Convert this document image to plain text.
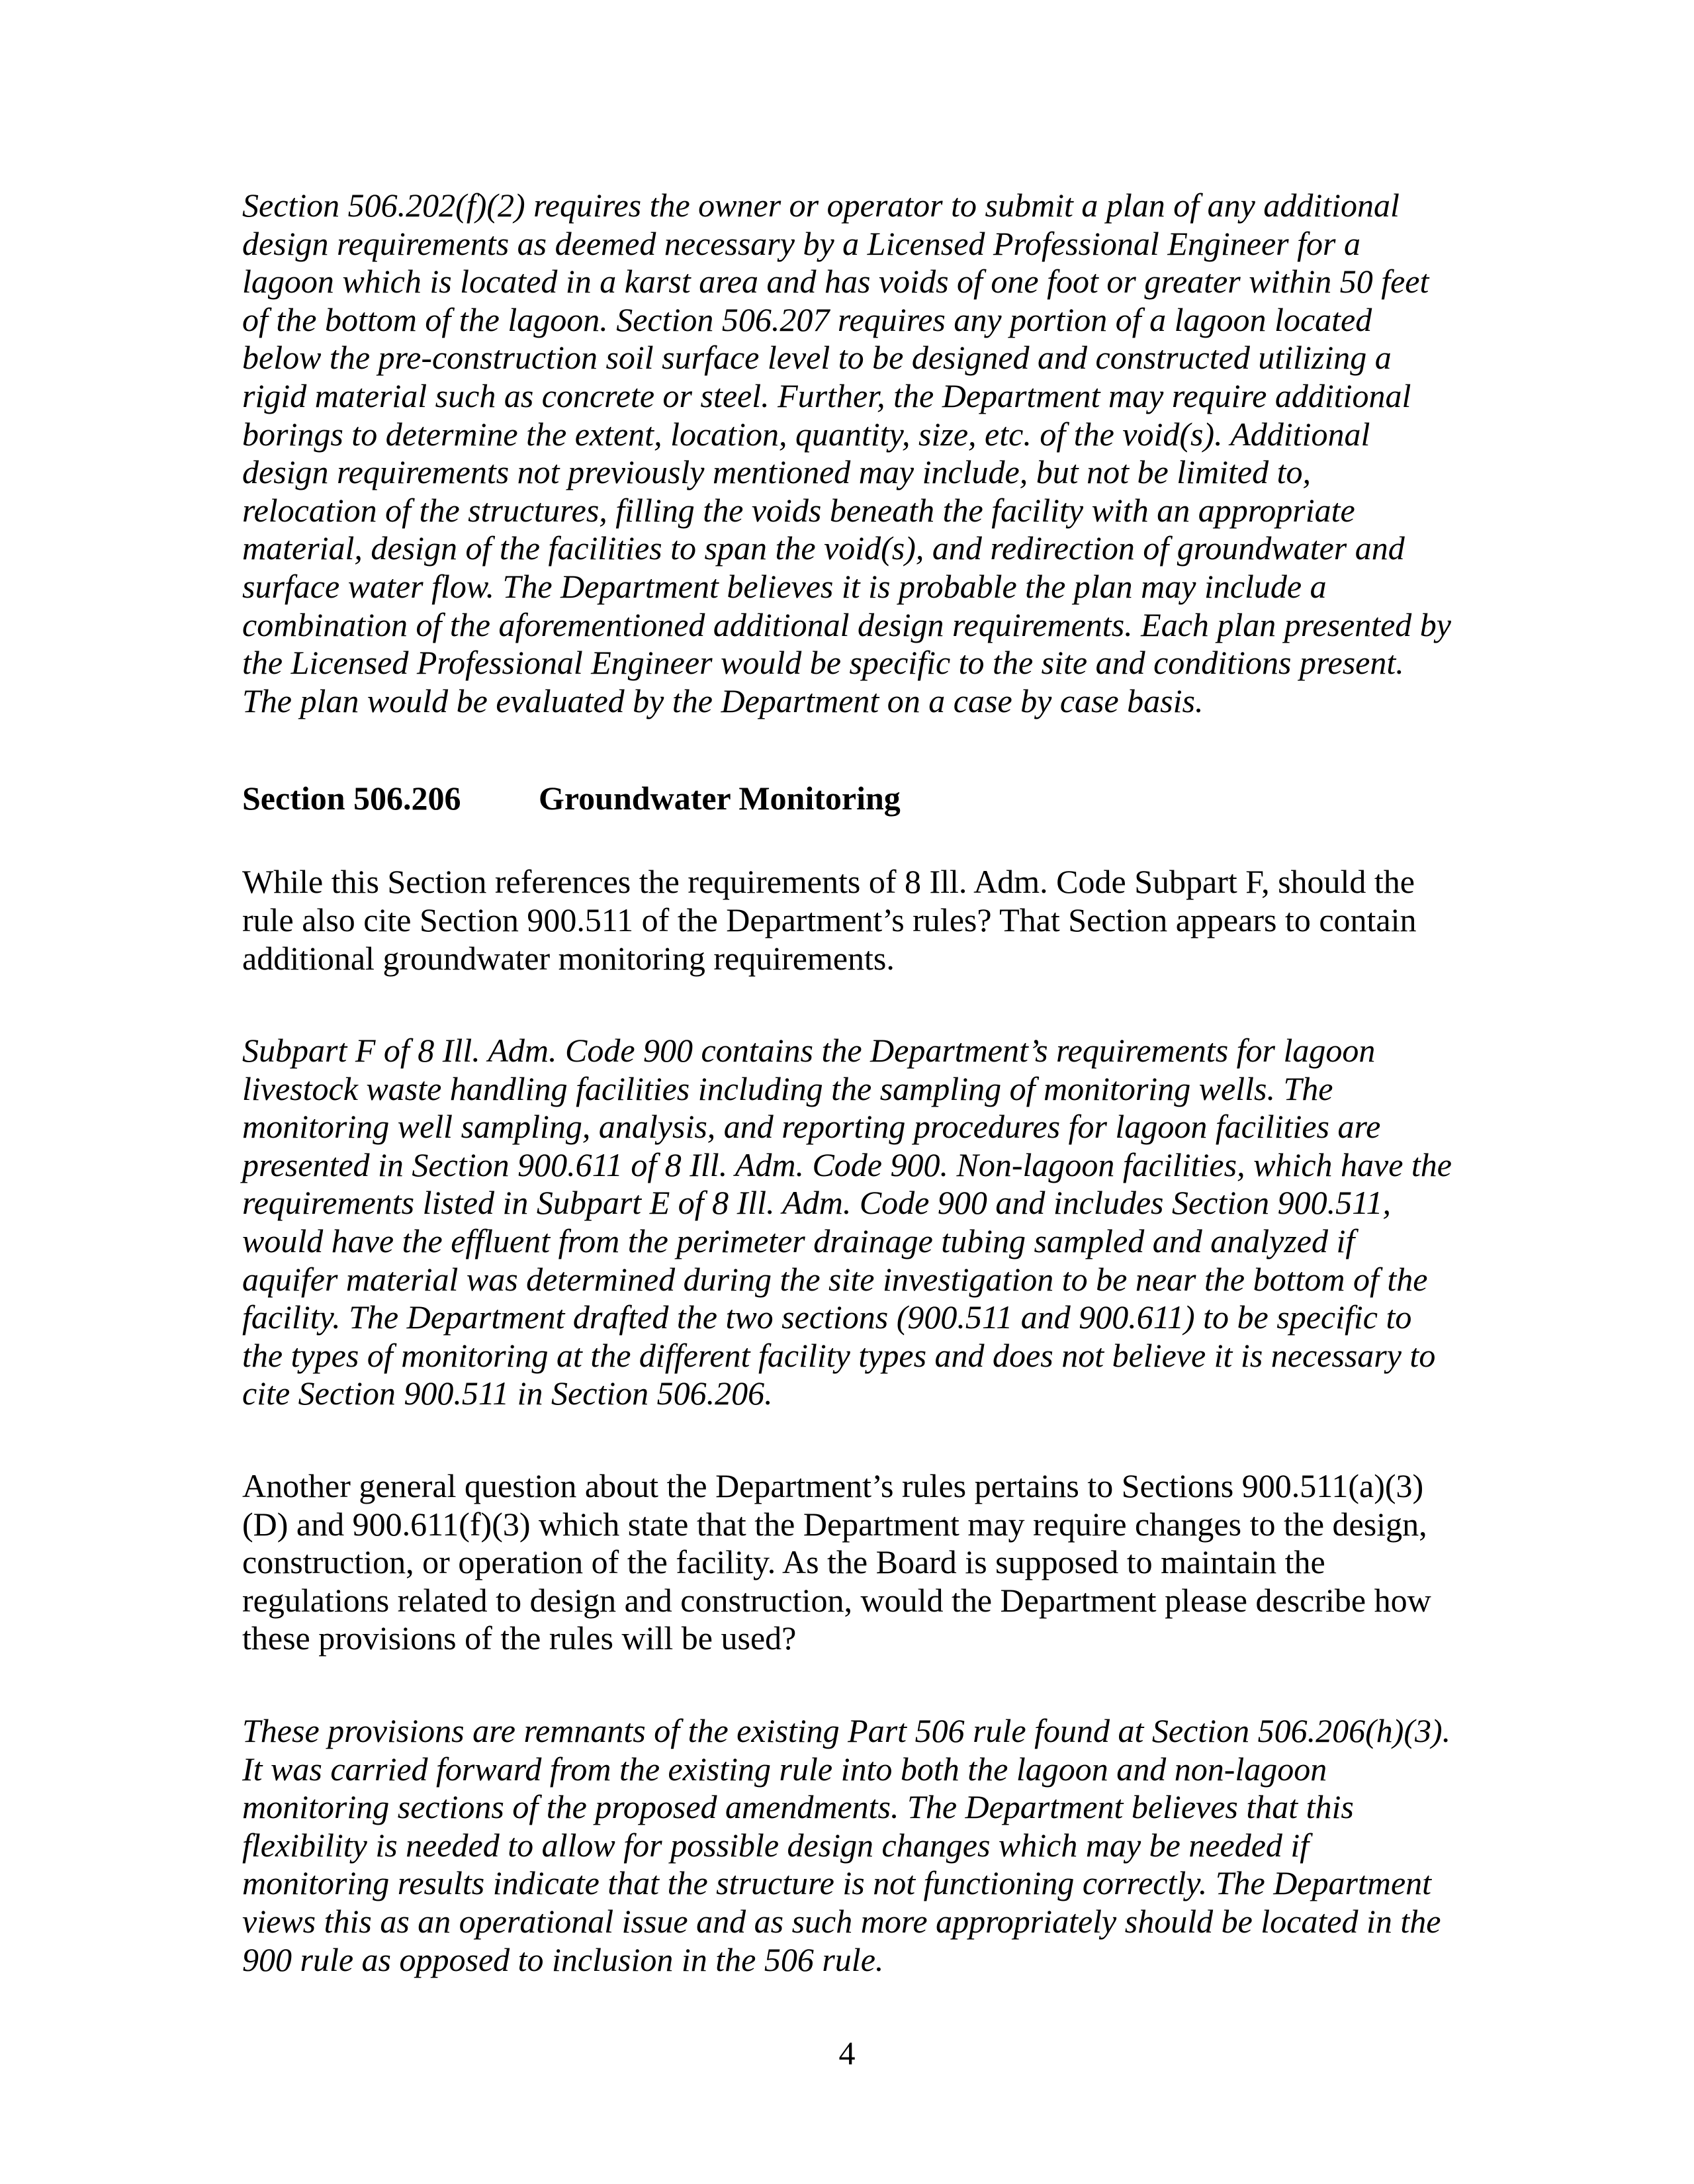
Section 506.202(f)(2) requires the owner or operator to submit a plan of any additional design requirements as deemed necessary by a Licensed Professional Engineer for a lagoon which is located in a karst area and has voids of one foot or greater within 50 feet of the bottom of the lagoon. Section 506.207 requires any portion of a lagoon located below the pre-construction soil surface level to be designed and constructed utilizing a rigid material such as concrete or steel. Further, the Department may require additional borings to determine the extent, location, quantity, size, etc. of the void(s). Additional design requirements not previously mentioned may include, but not be limited to, relocation of the structures, filling the voids beneath the facility with an appropriate material, design of the facilities to span the void(s), and redirection of groundwater and surface water flow. The Department believes it is probable the plan may include a combination of the aforementioned additional design requirements. Each plan presented by the Licensed Professional Engineer would be specific to the site and conditions present. The plan would be evaluated by the Department on a case by case basis.

Section 506.206	Groundwater Monitoring

While this Section references the requirements of 8 Ill. Adm. Code Subpart F, should the rule also cite Section 900.511 of the Department’s rules? That Section appears to contain additional groundwater monitoring requirements.

Subpart F of 8 Ill. Adm. Code 900 contains the Department’s requirements for lagoon livestock waste handling facilities including the sampling of monitoring wells. The monitoring well sampling, analysis, and reporting procedures for lagoon facilities are presented in Section 900.611 of 8 Ill. Adm. Code 900. Non-lagoon facilities, which have the requirements listed in Subpart E of 8 Ill. Adm. Code 900 and includes Section 900.511, would have the effluent from the perimeter drainage tubing sampled and analyzed if aquifer material was determined during the site investigation to be near the bottom of the facility. The Department drafted the two sections (900.511 and 900.611) to be specific to the types of monitoring at the different facility types and does not believe it is necessary to cite Section 900.511 in Section 506.206.

Another general question about the Department’s rules pertains to Sections 900.511(a)(3)(D) and 900.611(f)(3) which state that the Department may require changes to the design, construction, or operation of the facility. As the Board is supposed to maintain the regulations related to design and construction, would the Department please describe how these provisions of the rules will be used?

These provisions are remnants of the existing Part 506 rule found at Section 506.206(h)(3). It was carried forward from the existing rule into both the lagoon and non-lagoon monitoring sections of the proposed amendments. The Department believes that this flexibility is needed to allow for possible design changes which may be needed if monitoring results indicate that the structure is not functioning correctly. The Department views this as an operational issue and as such more appropriately should be located in the 900 rule as opposed to inclusion in the 506 rule.

4
